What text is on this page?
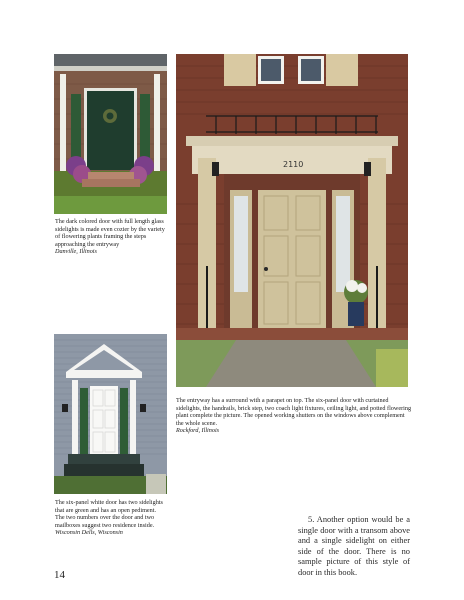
The dark colored door with full length glass sidelights is made even cozier by the variety of flowering plants framing the steps approaching the entryway
Danville, Illinois
2110
The entryway has a surround with a parapet on top. The six-panel door with curtained sidelights, the handrails, brick step, two coach light fixtures, ceiling light, and potted flowering plant complete the picture. The opened working shutters on the windows above complement the whole scene.
Rockford, Illinois
The six-panel white door has two sidelights that are green and has an open pediment. The two numbers over the door and two mailboxes suggest two residence inside.
Wisconsin Dells, Wisconsin
5. Another option would be a single door with a transom above and a single sidelight on either side of the door. There is no sample picture of this style of door in this book.
14
